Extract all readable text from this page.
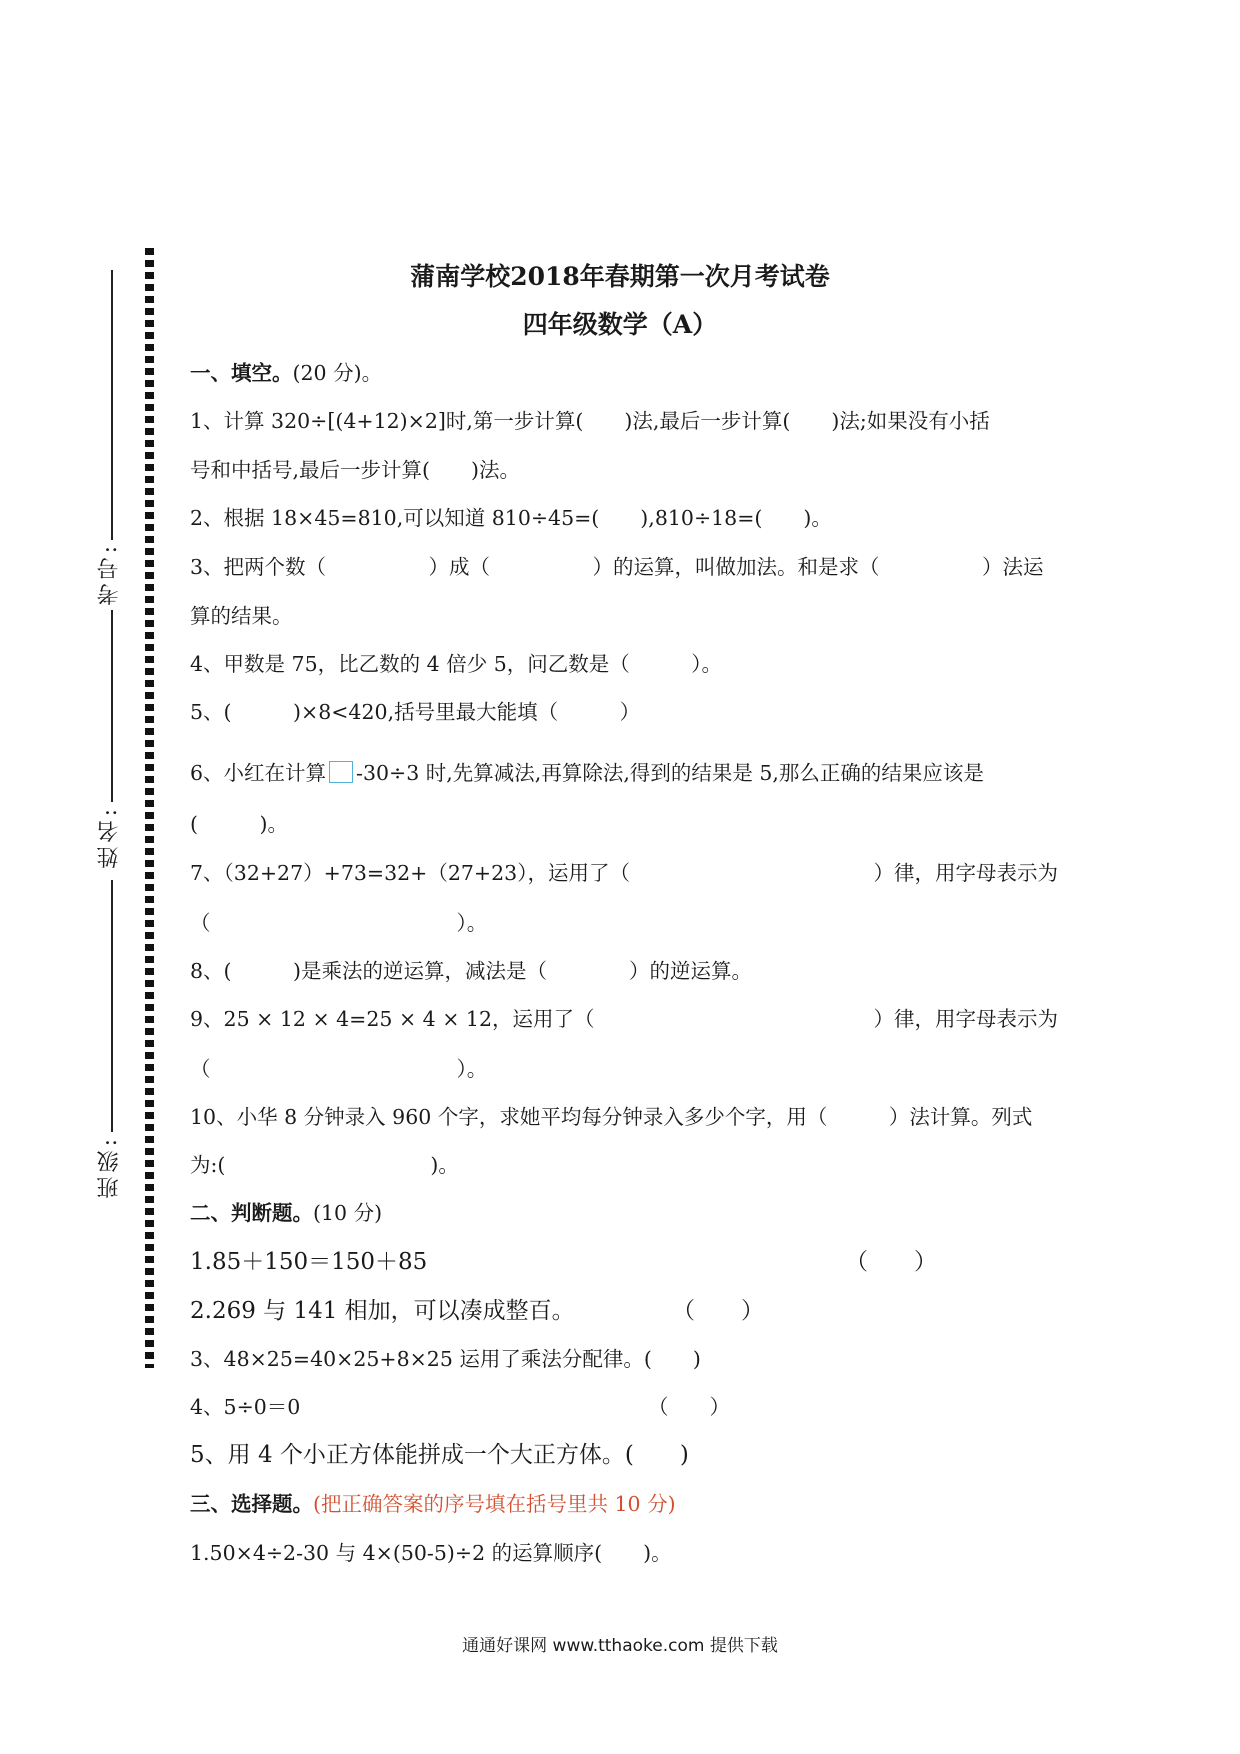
考号:
姓名:
班级:
蒲南学校2018年春期第一次月考试卷
四年级数学（A）
一、填空。(20 分)。
1、计算 320÷[(4+12)×2]时,第一步计算(　　)法,最后一步计算(　　)法;如果没有小括
号和中括号,最后一步计算(　　)法。
2、根据 18×45=810,可以知道 810÷45=(　　),810÷18=(　　)。
3、把两个数（　　　　　）成（　　　　　）的运算，叫做加法。和是求（　　　　　）法运
算的结果。
4、甲数是 75，比乙数的 4 倍少 5，问乙数是（　　　）。
5、(　　　)×8<420,括号里最大能填（　　　）
6、小红在计算 -30÷3 时,先算减法,再算除法,得到的结果是 5,那么正确的结果应该是
(　　　)。
7、（32+27）+73=32+（27+23），运用了（	）律，用字母表示为
（　　　　　　　　　　　　）。
8、(　　　)是乘法的逆运算，减法是（　　　　）的逆运算。
9、25 × 12 × 4=25 × 4 × 12，运用了（	）律，用字母表示为
（　　　　　　　　　　　　）。
10、小华 8 分钟录入 960 个字，求她平均每分钟录入多少个字，用（　　　）法计算。列式
为:(　　　　　　　　　　)。
二、判断题。(10 分)
1.85＋150＝150＋85	（　　）
2.269 与 141 相加，可以凑成整百。	（　　）
3、48×25=40×25+8×25 运用了乘法分配律。(　　)
4、5÷0＝0	（　　）
5、用 4 个小正方体能拼成一个大正方体。(　　)
三、选择题。(把正确答案的序号填在括号里共 10 分)
1.50×4÷2-30 与 4×(50-5)÷2 的运算顺序(　　)。
通通好课网 www.tthaoke.com 提供下载
